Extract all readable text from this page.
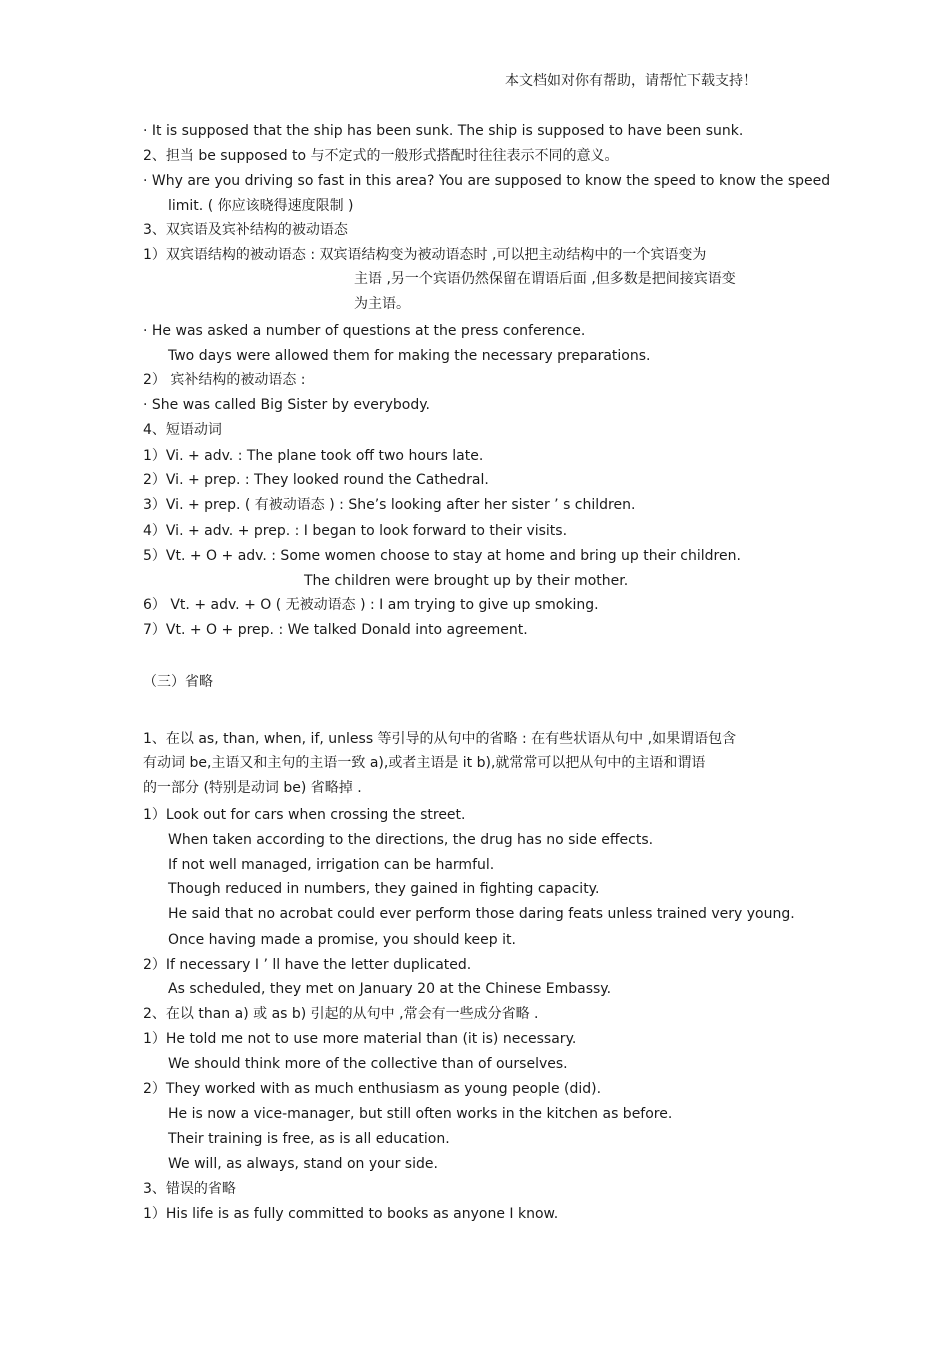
本文档如对你有帮助，请帮忙下载支持！
· It is supposed that the ship has been sunk. The ship is supposed to have been sunk.
2、担当 be supposed to 与不定式的一般形式搭配时往往表示不同的意义。
· Why are you driving so fast in this area? You are supposed to know the speed to know the speed
limit. ( 你应该晓得速度限制 )
3、双宾语及宾补结构的被动语态
1）双宾语结构的被动语态 : 双宾语结构变为被动语态时 ,可以把主动结构中的一个宾语变为
主语 ,另一个宾语仍然保留在谓语后面 ,但多数是把间接宾语变
为主语。
· He was asked a number of questions at the press conference.
Two days were allowed them for making the necessary preparations.
2） 宾补结构的被动语态 :
· She was called Big Sister by everybody.
4、短语动词
1）Vi. + adv. : The plane took off two hours late.
2）Vi. + prep. : They looked round the Cathedral.
3）Vi. + prep. ( 有被动语态 ) : She’s looking after her sister ’ s children.
4）Vi. + adv. + prep. : I began to look forward to their visits.
5）Vt. + O + adv. : Some women choose to stay at home and bring up their children.
The children were brought up by their mother.
6） Vt. + adv. + O ( 无被动语态 ) : I am trying to give up smoking.
7）Vt. + O + prep. : We talked Donald into agreement.
（三）省略
1、在以 as, than, when, if, unless 等引导的从句中的省略 : 在有些状语从句中 ,如果谓语包含
有动词 be,主语又和主句的主语一致 a),或者主语是 it b),就常常可以把从句中的主语和谓语
的一部分 (特别是动词 be) 省略掉 .
1）Look out for cars when crossing the street.
When taken according to the directions, the drug has no side effects.
If not well managed, irrigation can be harmful.
Though reduced in numbers, they gained in fighting capacity.
He said that no acrobat could ever perform those daring feats unless trained very young.
Once having made a promise, you should keep it.
2）If necessary I ’ ll have the letter duplicated.
As scheduled, they met on January 20 at the Chinese Embassy.
2、在以 than a) 或 as b) 引起的从句中 ,常会有一些成分省略 .
1）He told me not to use more material than (it is) necessary.
We should think more of the collective than of ourselves.
2）They worked with as much enthusiasm as young people (did).
He is now a vice-manager, but still often works in the kitchen as before.
Their training is free, as is all education.
We will, as always, stand on your side.
3、错误的省略
1）His life is as fully committed to books as anyone I know.
